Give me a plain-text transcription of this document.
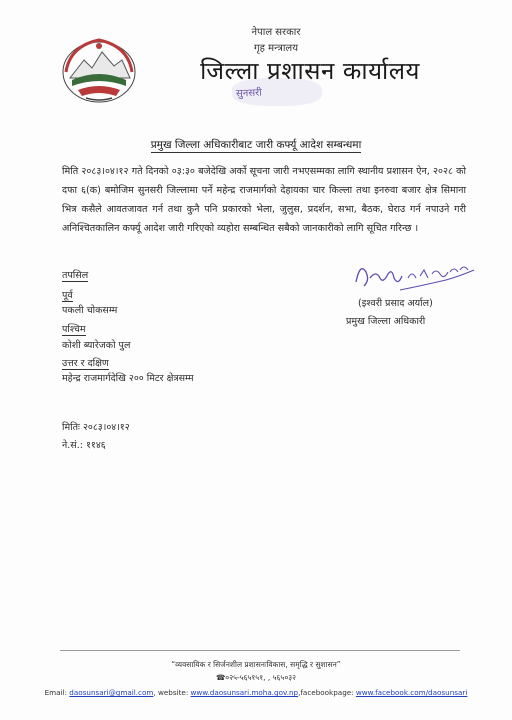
नेपाल सरकार
गृह मन्त्रालय
जिल्ला प्रशासन कार्यालय
सुनसरी
प्रमुख जिल्ला अधिकारीबाट जारी कर्फ्यू आदेश सम्बन्धमा
मिति २०८३।०४।१२ गते दिनको ०३:३० बजेदेखि अर्को सूचना जारी नभएसम्मका लागि स्थानीय प्रशासन ऐन, २०२८ को दफा ६(क) बमोजिम सुनसरी जिल्लामा पर्ने महेन्द्र राजमार्गको देहायका चार किल्ला तथा इनरुवा बजार क्षेत्र सिमाना भित्र कसैले आवतजावत गर्न तथा कुनै पनि प्रकारको भेला, जुलुस, प्रदर्शन, सभा, बैठक, घेराउ गर्न नपाउने गरी अनिश्चितकालिन कर्फ्यू आदेश जारी गरिएको व्यहोरा सम्बन्धित सबैको जानकारीको लागि सूचित गरिन्छ ।
तपसिल
पूर्व
पकली चोकसम्म
पश्चिम
कोशी ब्यारेजको पुल
उत्तर र दक्षिण
महेन्द्र राजमार्गदेखि २०० मिटर क्षेत्रसम्म
(इश्वरी प्रसाद अर्याल)
प्रमुख जिल्ला अधिकारी
मितिः २०८३।०४।१२
ने.सं.: ११४६
“व्यवसायिक र सिर्जनशील प्रशासनःविकास, समृद्धि र सुशासन”
☎०२५-५६५१५१, , ५६५०३२
Email: daosunsari@gmail.com, website: www.daosunsari.moha.gov.np,facebookpage: www.facebook.com/daosunsari
